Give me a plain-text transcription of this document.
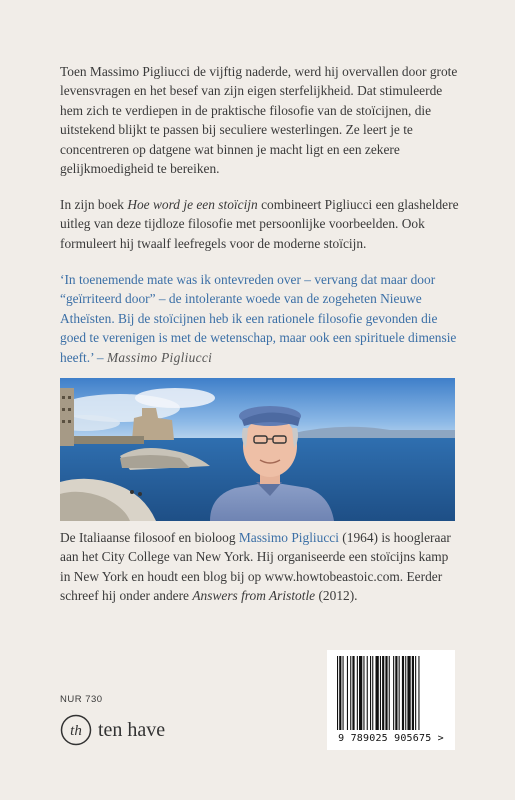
Toen Massimo Pigliucci de vijftig naderde, werd hij overvallen door grote levensvragen en het besef van zijn eigen sterfelijkheid. Dat stimuleerde hem zich te verdiepen in de praktische filosofie van de stoïcijnen, die uitstekend blijkt te passen bij seculiere westerlingen. Ze leert je te concentreren op datgene wat binnen je macht ligt en een zekere gelijkmoedigheid te bereiken.

In zijn boek Hoe word je een stoïcijn combineert Pigliucci een glasheldere uitleg van deze tijdloze filosofie met persoonlijke voorbeelden. Ook formuleert hij twaalf leefregels voor de moderne stoïcijn.

‘In toenemende mate was ik ontevreden over – vervang dat maar door “geïrriteerd door” – de intolerante woede van de zogeheten Nieuwe Atheïsten. Bij de stoïcijnen heb ik een rationele filosofie gevonden die goed te verenigen is met de wetenschap, maar ook een spirituele dimensie heeft.’ – Massimo Pigliucci

De Italiaanse filosoof en bioloog Massimo Pigliucci (1964) is hoogleraar aan het City College van New York. Hij organiseerde een stoïcijns kamp in New York en houdt een blog bij op www.howtobeastoic.com. Eerder schreef hij onder andere Answers from Aristotle (2012).

NUR 730
th ten have	9 789025 905675 >
